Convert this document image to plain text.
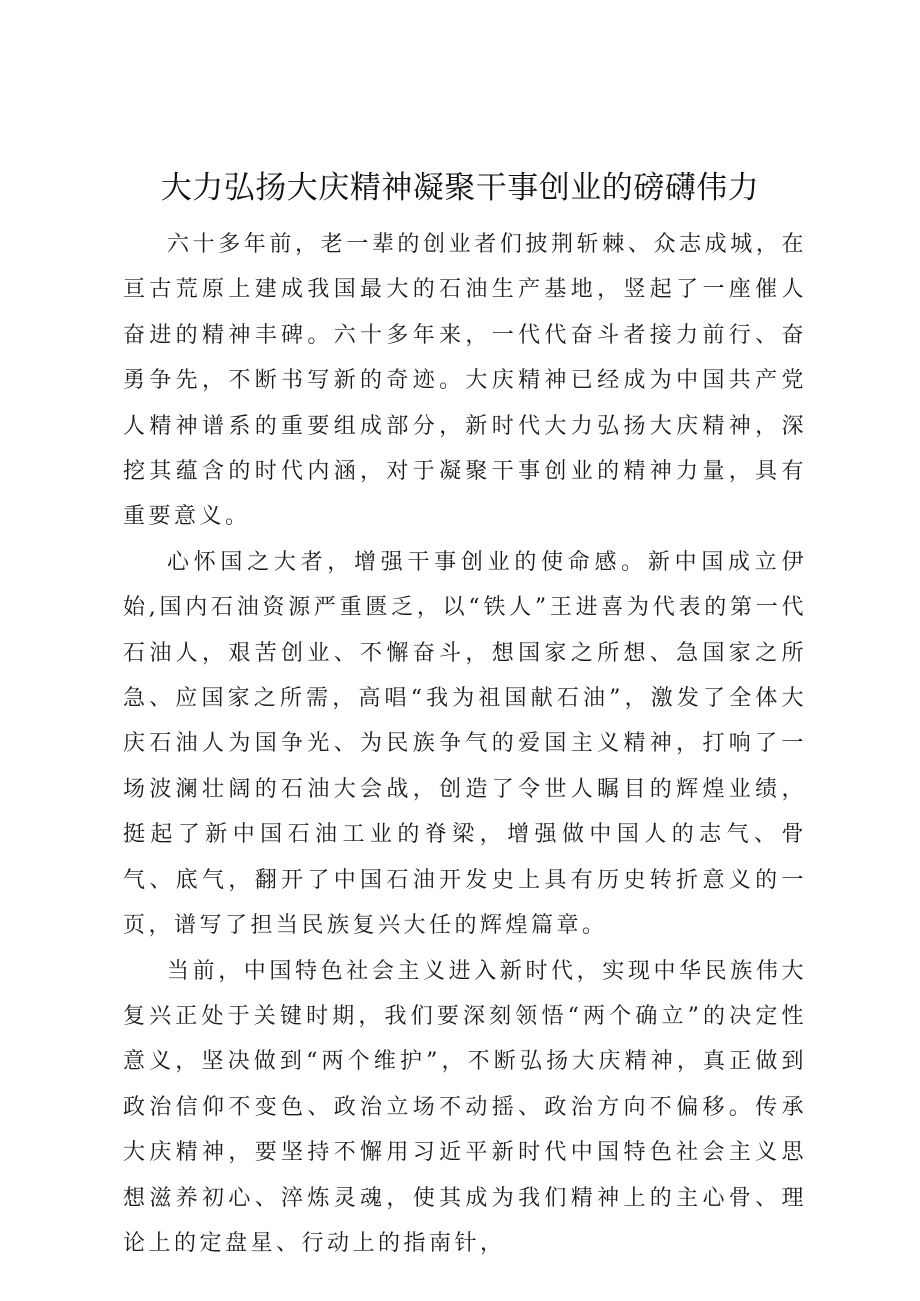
大力弘扬大庆精神凝聚干事创业的磅礴伟力

六十多年前，老一辈的创业者们披荆斩棘、众志成城，在亘古荒原上建成我国最大的石油生产基地，竖起了一座催人奋进的精神丰碑。六十多年来，一代代奋斗者接力前行、奋勇争先，不断书写新的奇迹。大庆精神已经成为中国共产党人精神谱系的重要组成部分，新时代大力弘扬大庆精神，深挖其蕴含的时代内涵，对于凝聚干事创业的精神力量，具有重要意义。

心怀国之大者，增强干事创业的使命感。新中国成立伊始,国内石油资源严重匮乏，以“铁人”王进喜为代表的第一代石油人，艰苦创业、不懈奋斗，想国家之所想、急国家之所急、应国家之所需，高唱“我为祖国献石油”，激发了全体大庆石油人为国争光、为民族争气的爱国主义精神，打响了一场波澜壮阔的石油大会战，创造了令世人瞩目的辉煌业绩，挺起了新中国石油工业的脊梁，增强做中国人的志气、骨气、底气，翻开了中国石油开发史上具有历史转折意义的一页，谱写了担当民族复兴大任的辉煌篇章。

当前，中国特色社会主义进入新时代，实现中华民族伟大复兴正处于关键时期，我们要深刻领悟“两个确立”的决定性意义，坚决做到“两个维护”，不断弘扬大庆精神，真正做到政治信仰不变色、政治立场不动摇、政治方向不偏移。传承大庆精神，要坚持不懈用习近平新时代中国特色社会主义思想滋养初心、淬炼灵魂，使其成为我们精神上的主心骨、理论上的定盘星、行动上的指南针，
